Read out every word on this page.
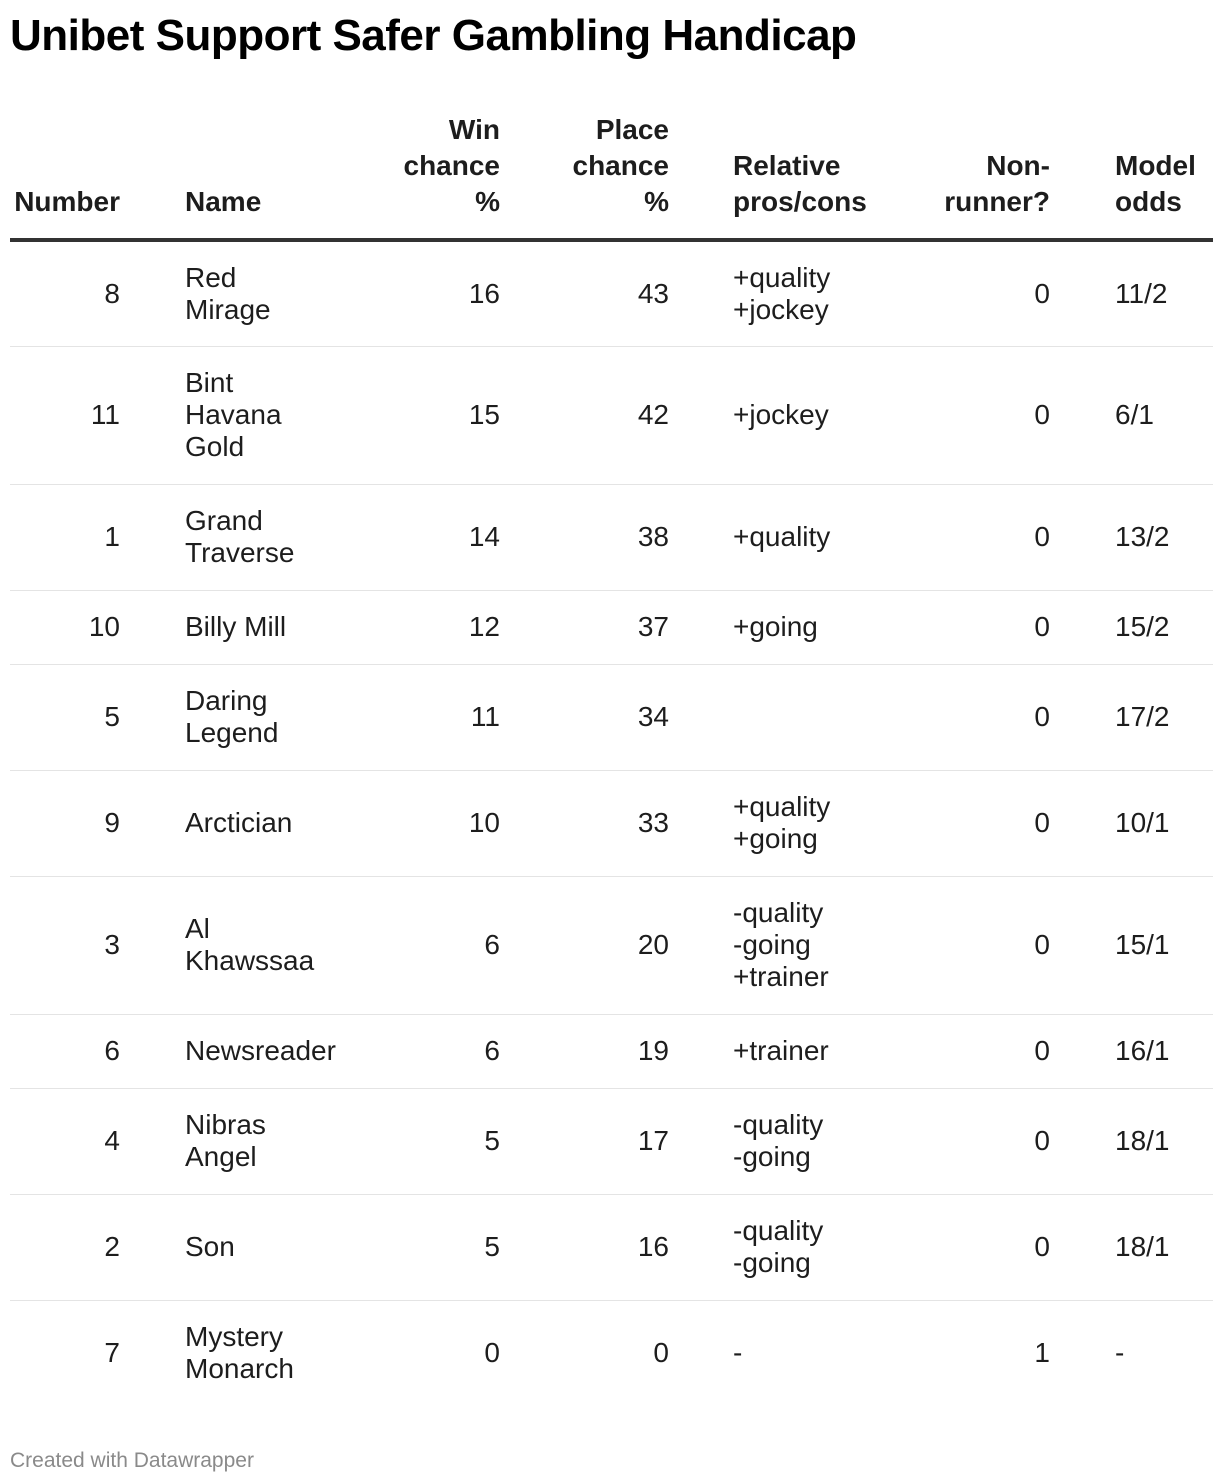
Unibet Support Safer Gambling Handicap
Number	Name	Win
chance
%	Place
chance
%	Relative
pros/cons	Non-
runner?	Model
odds
8	Red
Mirage	16	43	+quality
+jockey	0	11/2
11	Bint
Havana
Gold	15	42	+jockey	0	6/1
1	Grand
Traverse	14	38	+quality	0	13/2
10	Billy Mill	12	37	+going	0	15/2
5	Daring
Legend	11	34		0	17/2
9	Arctician	10	33	+quality
+going	0	10/1
3	Al
Khawssaa	6	20	-quality
-going
+trainer	0	15/1
6	Newsreader	6	19	+trainer	0	16/1
4	Nibras
Angel	5	17	-quality
-going	0	18/1
2	Son	5	16	-quality
-going	0	18/1
7	Mystery
Monarch	0	0	-	1	-
Created with Datawrapper
